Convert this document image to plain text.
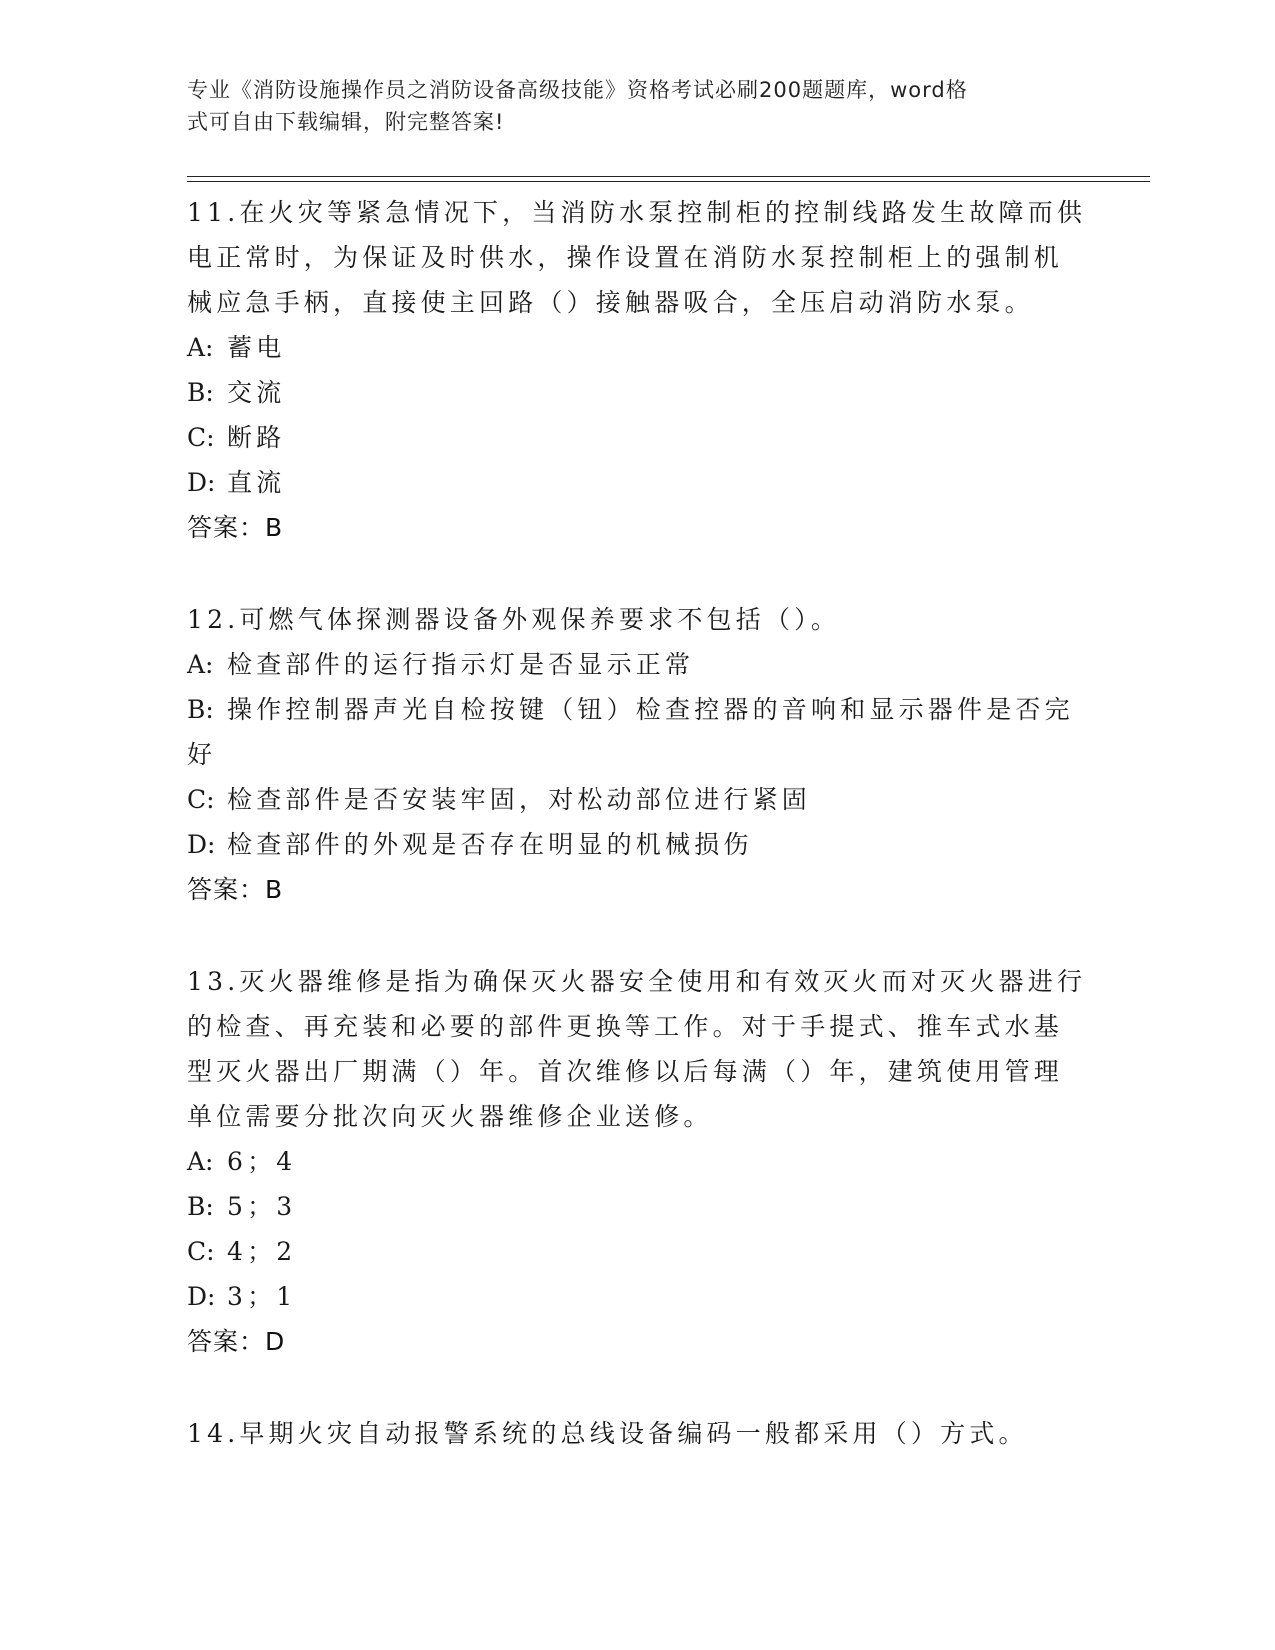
专业《消防设施操作员之消防设备高级技能》资格考试必刷200题题库，word格
式可自由下载编辑，附完整答案!

11.在火灾等紧急情况下，当消防水泵控制柜的控制线路发生故障而供电正常时，为保证及时供水，操作设置在消防水泵控制柜上的强制机械应急手柄，直接使主回路（）接触器吸合，全压启动消防水泵。

A: 蓄电

B: 交流

C: 断路

D: 直流

答案：B

12.可燃气体探测器设备外观保养要求不包括（）。

A: 检查部件的运行指示灯是否显示正常

B: 操作控制器声光自检按键（钮）检查控器的音响和显示器件是否完好

C: 检查部件是否安装牢固，对松动部位进行紧固

D: 检查部件的外观是否存在明显的机械损伤

答案：B

13.灭火器维修是指为确保灭火器安全使用和有效灭火而对灭火器进行的检查、再充装和必要的部件更换等工作。对于手提式、推车式水基型灭火器出厂期满（）年。首次维修以后每满（）年，建筑使用管理单位需要分批次向灭火器维修企业送修。

A: 6；4

B: 5；3

C: 4；2

D: 3；1

答案：D

14.早期火灾自动报警系统的总线设备编码一般都采用（）方式。
